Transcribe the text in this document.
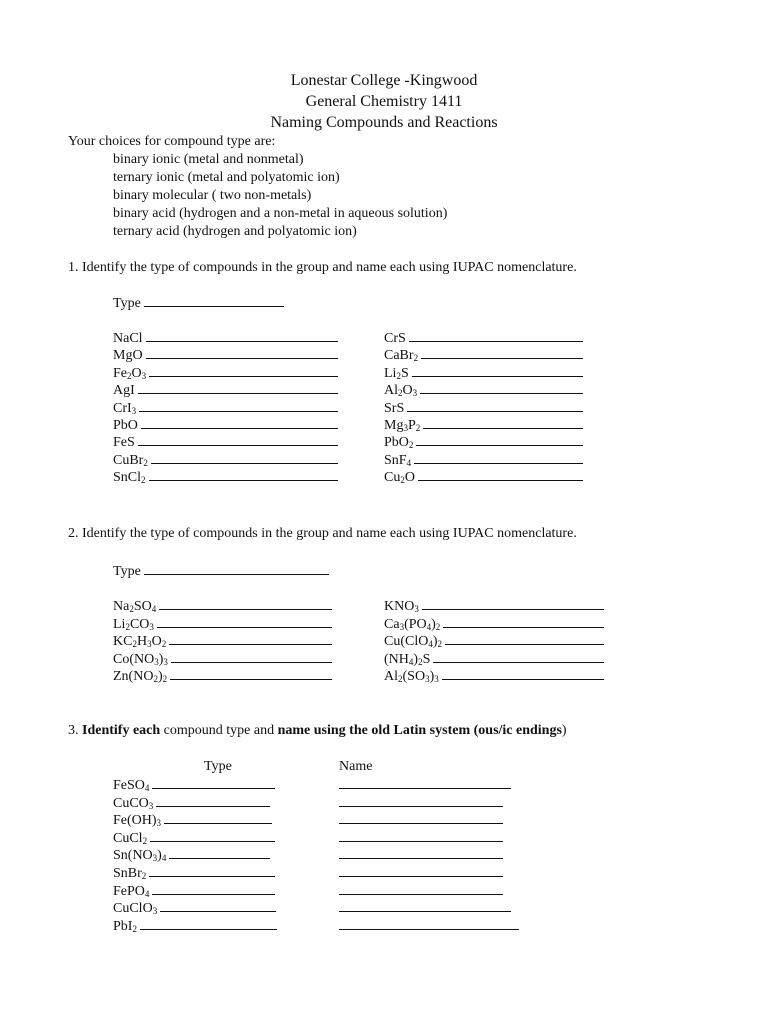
Lonestar College -Kingwood
General Chemistry 1411
Naming Compounds and Reactions
Your choices for compound type are:
binary ionic (metal and nonmetal)
ternary ionic (metal and polyatomic ion)
binary molecular ( two non-metals)
binary acid (hydrogen and a non-metal in aqueous solution)
ternary acid (hydrogen and polyatomic ion)
1. Identify the type of compounds in the group and name each using IUPAC nomenclature.
Type
NaCl
MgO
$Fe_2O_3$
AgI
CrI$_3$
PbO
FeS
CuBr$_2$
SnCl$_2$
CrS
CaBr$_2$
$Li_2S$
$Al_2O_3$
SrS
$Mg_3P_2$
PbO$_2$
SnF$_4$
$Cu_2O$
2. Identify the type of compounds in the group and name each using IUPAC nomenclature.
Type
$Na_2SO_4$
$Li_2CO_3$
$KC_2H_3O_2$
$Co(NO_3)_3$
$Zn(NO_2)_2$
$KNO_3$
$Ca_3(PO_4)_2$
$Cu(ClO_4)_2$
$(NH_4)_2S$
$Al_2(SO_3)_3$
3. Identify each compound type and name using the old Latin system (ous/ic endings)
Type	Name
FeSO$_4$
CuCO$_3$
$Fe(OH)_3$
CuCl$_2$
$Sn(NO_3)_4$
SnBr$_2$
FePO$_4$
CuClO$_3$
PbI$_2$
